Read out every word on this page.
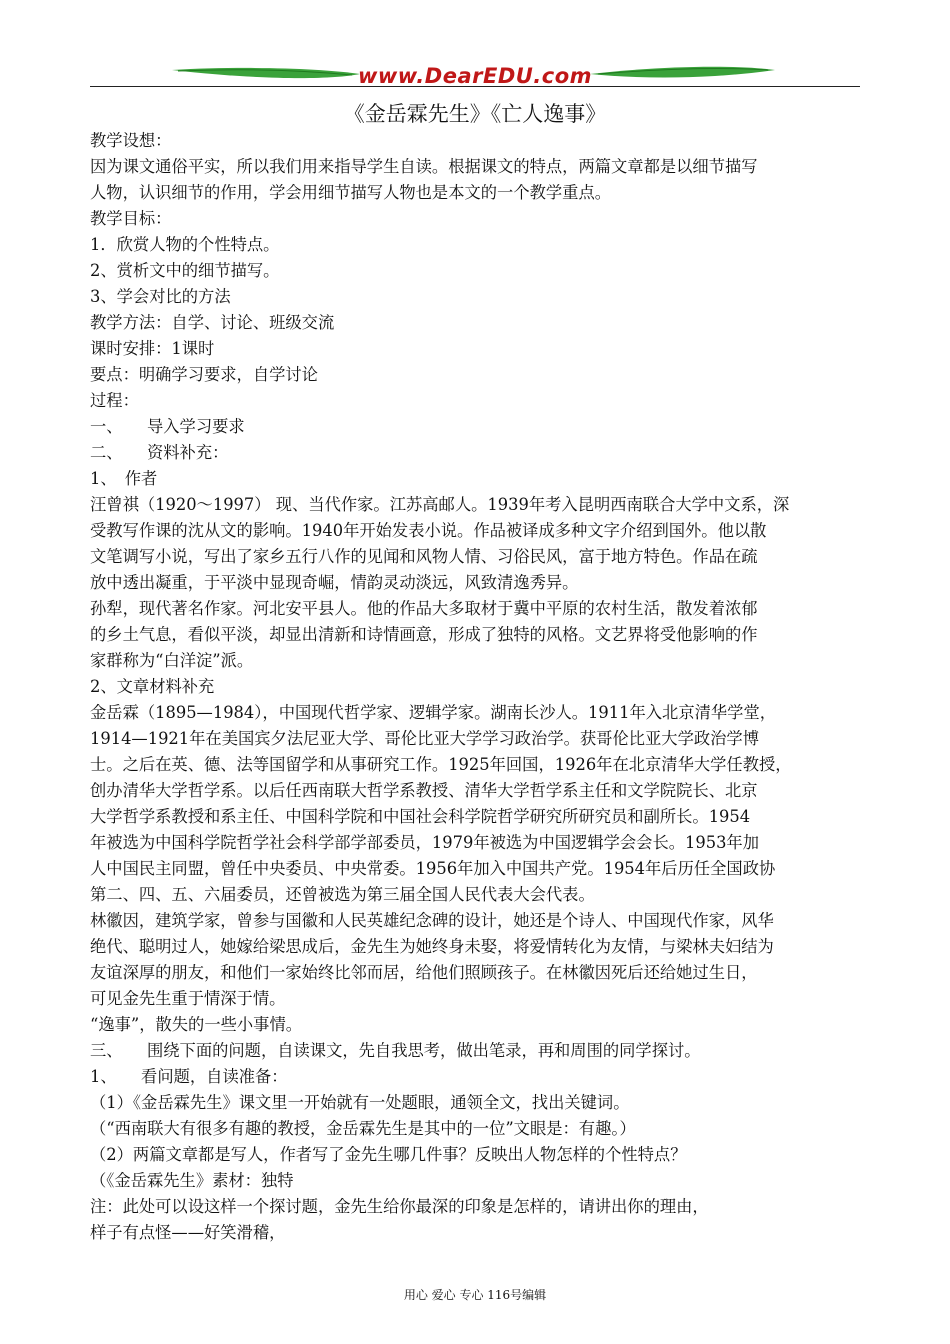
www.DearEDU.com
《金岳霖先生》《亡人逸事》

教学设想：

因为课文通俗平实，所以我们用来指导学生自读。根据课文的特点，两篇文章都是以细节描写

人物，认识细节的作用，学会用细节描写人物也是本文的一个教学重点。

教学目标：

1．欣赏人物的个性特点。

2、赏析文中的细节描写。

3、学会对比的方法

教学方法：自学、讨论、班级交流

课时安排：1课时

要点：明确学习要求，自学讨论

过程：

一、　　导入学习要求

二、　　资料补充：

1、　作者

汪曾祺（1920～1997） 现、当代作家。江苏高邮人。1939年考入昆明西南联合大学中文系，深

受教写作课的沈从文的影响。1940年开始发表小说。作品被译成多种文字介绍到国外。他以散

文笔调写小说，写出了家乡五行八作的见闻和风物人情、习俗民风，富于地方特色。作品在疏

放中透出凝重，于平淡中显现奇崛，情韵灵动淡远，风致清逸秀异。

孙犁，现代著名作家。河北安平县人。他的作品大多取材于冀中平原的农村生活，散发着浓郁

的乡土气息，看似平淡，却显出清新和诗情画意，形成了独特的风格。文艺界将受他影响的作

家群称为“白洋淀”派。

2、文章材料补充

金岳霖（1895—1984），中国现代哲学家、逻辑学家。湖南长沙人。1911年入北京清华学堂，

1914—1921年在美国宾夕法尼亚大学、哥伦比亚大学学习政治学。获哥伦比亚大学政治学博

士。之后在英、德、法等国留学和从事研究工作。1925年回国，1926年在北京清华大学任教授，

创办清华大学哲学系。以后任西南联大哲学系教授、清华大学哲学系主任和文学院院长、北京

大学哲学系教授和系主任、中国科学院和中国社会科学院哲学研究所研究员和副所长。1954

年被选为中国科学院哲学社会科学部学部委员，1979年被选为中国逻辑学会会长。1953年加

人中国民主同盟，曾任中央委员、中央常委。1956年加入中国共产党。1954年后历任全国政协

第二、四、五、六届委员，还曾被选为第三届全国人民代表大会代表。

林徽因，建筑学家，曾参与国徽和人民英雄纪念碑的设计，她还是个诗人、中国现代作家，风华

绝代、聪明过人，她嫁给梁思成后，金先生为她终身未娶，将爱情转化为友情，与梁林夫妇结为

友谊深厚的朋友，和他们一家始终比邻而居，给他们照顾孩子。在林徽因死后还给她过生日，

可见金先生重于情深于情。

“逸事”，散失的一些小事情。

三、　　围绕下面的问题，自读课文，先自我思考，做出笔录，再和周围的同学探讨。

1、　　看问题，自读准备：

（1）《金岳霖先生》课文里一开始就有一处题眼，通领全文，找出关键词。

（“西南联大有很多有趣的教授，金岳霖先生是其中的一位”文眼是：有趣。）

（2）两篇文章都是写人，作者写了金先生哪几件事？反映出人物怎样的个性特点？

（《金岳霖先生》素材：独特

注：此处可以设这样一个探讨题，金先生给你最深的印象是怎样的，请讲出你的理由，

样子有点怪——好笑滑稽，

用心 爱心 专心 116号编辑
